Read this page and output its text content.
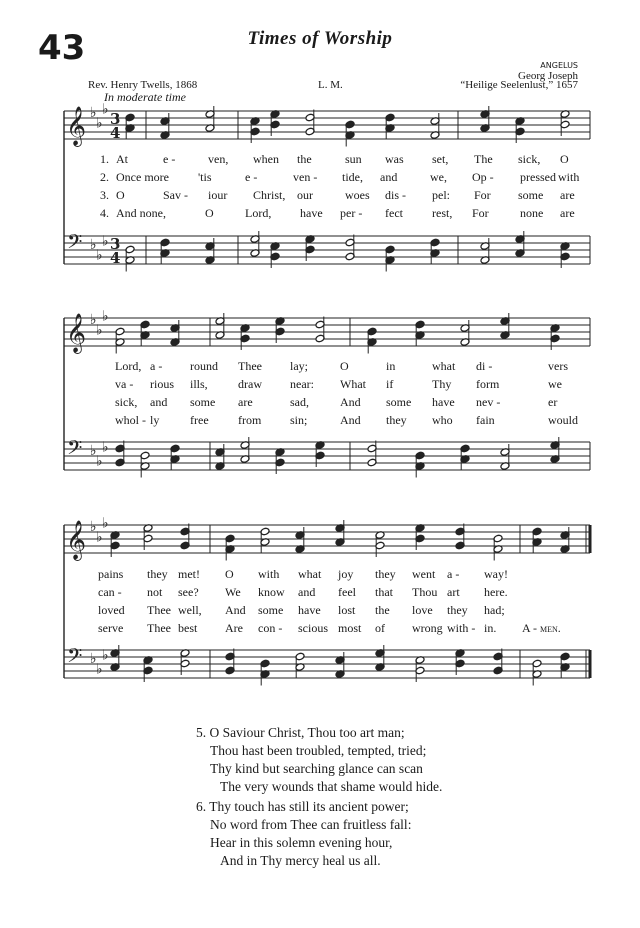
43	Times of Worship
ANGELUS
Georg Joseph
Rev. Henry Twells, 1868	L. M.	“Heilige Seelenlust,” 1657
In moderate time
𝄞
𝄢
♭
♭
♭
♭
♭
♭
3
4
3
4
𝄞
𝄢
♭
♭
♭
♭
♭
♭
𝄞
𝄢
♭
♭
♭
♭
♭
♭
1. At	e -	ven, when the	sun was set, The sick, O
2. Once more 'tis	e -	ven - tide, and	we, Op - pressed with
3. O	Sav - iour Christ, our	woes dis - pel: For some are
4. And none,	O	Lord, have per - fect rest, For	none are
Lord, a - round Thee lay;	O	in	what di -	vers
va - rious ills,	draw near: What if	Thy form	we
sick, and some are	sad,	And some have nev -	er
whol - ly	free from sin;	And they who fain	would
pains they met! O with what joy they went a - way!
can - not see? We know and feel that Thou art here.
loved Thee well, And some have lost the love they had;
serve Thee best Are con - scious most of wrong with - in. A - men.
5. O Saviour Christ, Thou too art man;
Thou hast been troubled, tempted, tried;
Thy kind but searching glance can scan
The very wounds that shame would hide.
6. Thy touch has still its ancient power;
No word from Thee can fruitless fall:
Hear in this solemn evening hour,
And in Thy mercy heal us all.
